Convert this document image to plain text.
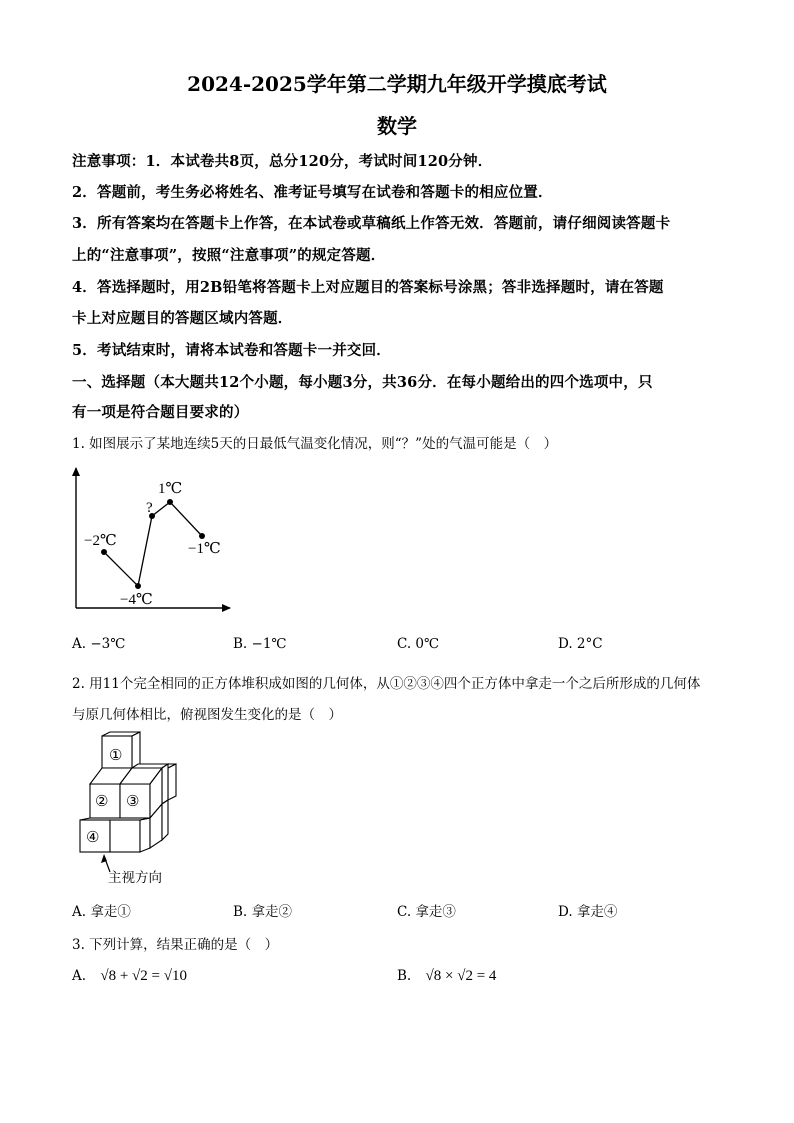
2024-2025学年第二学期九年级开学摸底考试
数学
注意事项：1．本试卷共8页，总分120分，考试时间120分钟．
2．答题前，考生务必将姓名、准考证号填写在试卷和答题卡的相应位置．
3．所有答案均在答题卡上作答，在本试卷或草稿纸上作答无效．答题前，请仔细阅读答题卡
上的“注意事项”，按照“注意事项”的规定答题．
4．答选择题时，用2B铅笔将答题卡上对应题目的答案标号涂黑；答非选择题时，请在答题
卡上对应题目的答题区域内答题．
5．考试结束时，请将本试卷和答题卡一并交回．
一、选择题（本大题共12个小题，每小题3分，共36分．在每小题给出的四个选项中，只
有一项是符合题目要求的）
1. 如图展示了某地连续5天的日最低气温变化情况，则“？”处的气温可能是（　）
−2℃
−4℃
?
1℃
−1℃
A. −3℃	B. −1℃	C. 0℃	D. 2°C
2. 用11个完全相同的正方体堆积成如图的几何体，从①②③④四个正方体中拿走一个之后所形成的几何体
与原几何体相比，俯视图发生变化的是（　）
①
② ③
④
主视方向
A. 拿走①	B. 拿走②	C. 拿走③	D. 拿走④
3. 下列计算，结果正确的是（　）
A. √8 + √2 = √10	B. √8 × √2 = 4
